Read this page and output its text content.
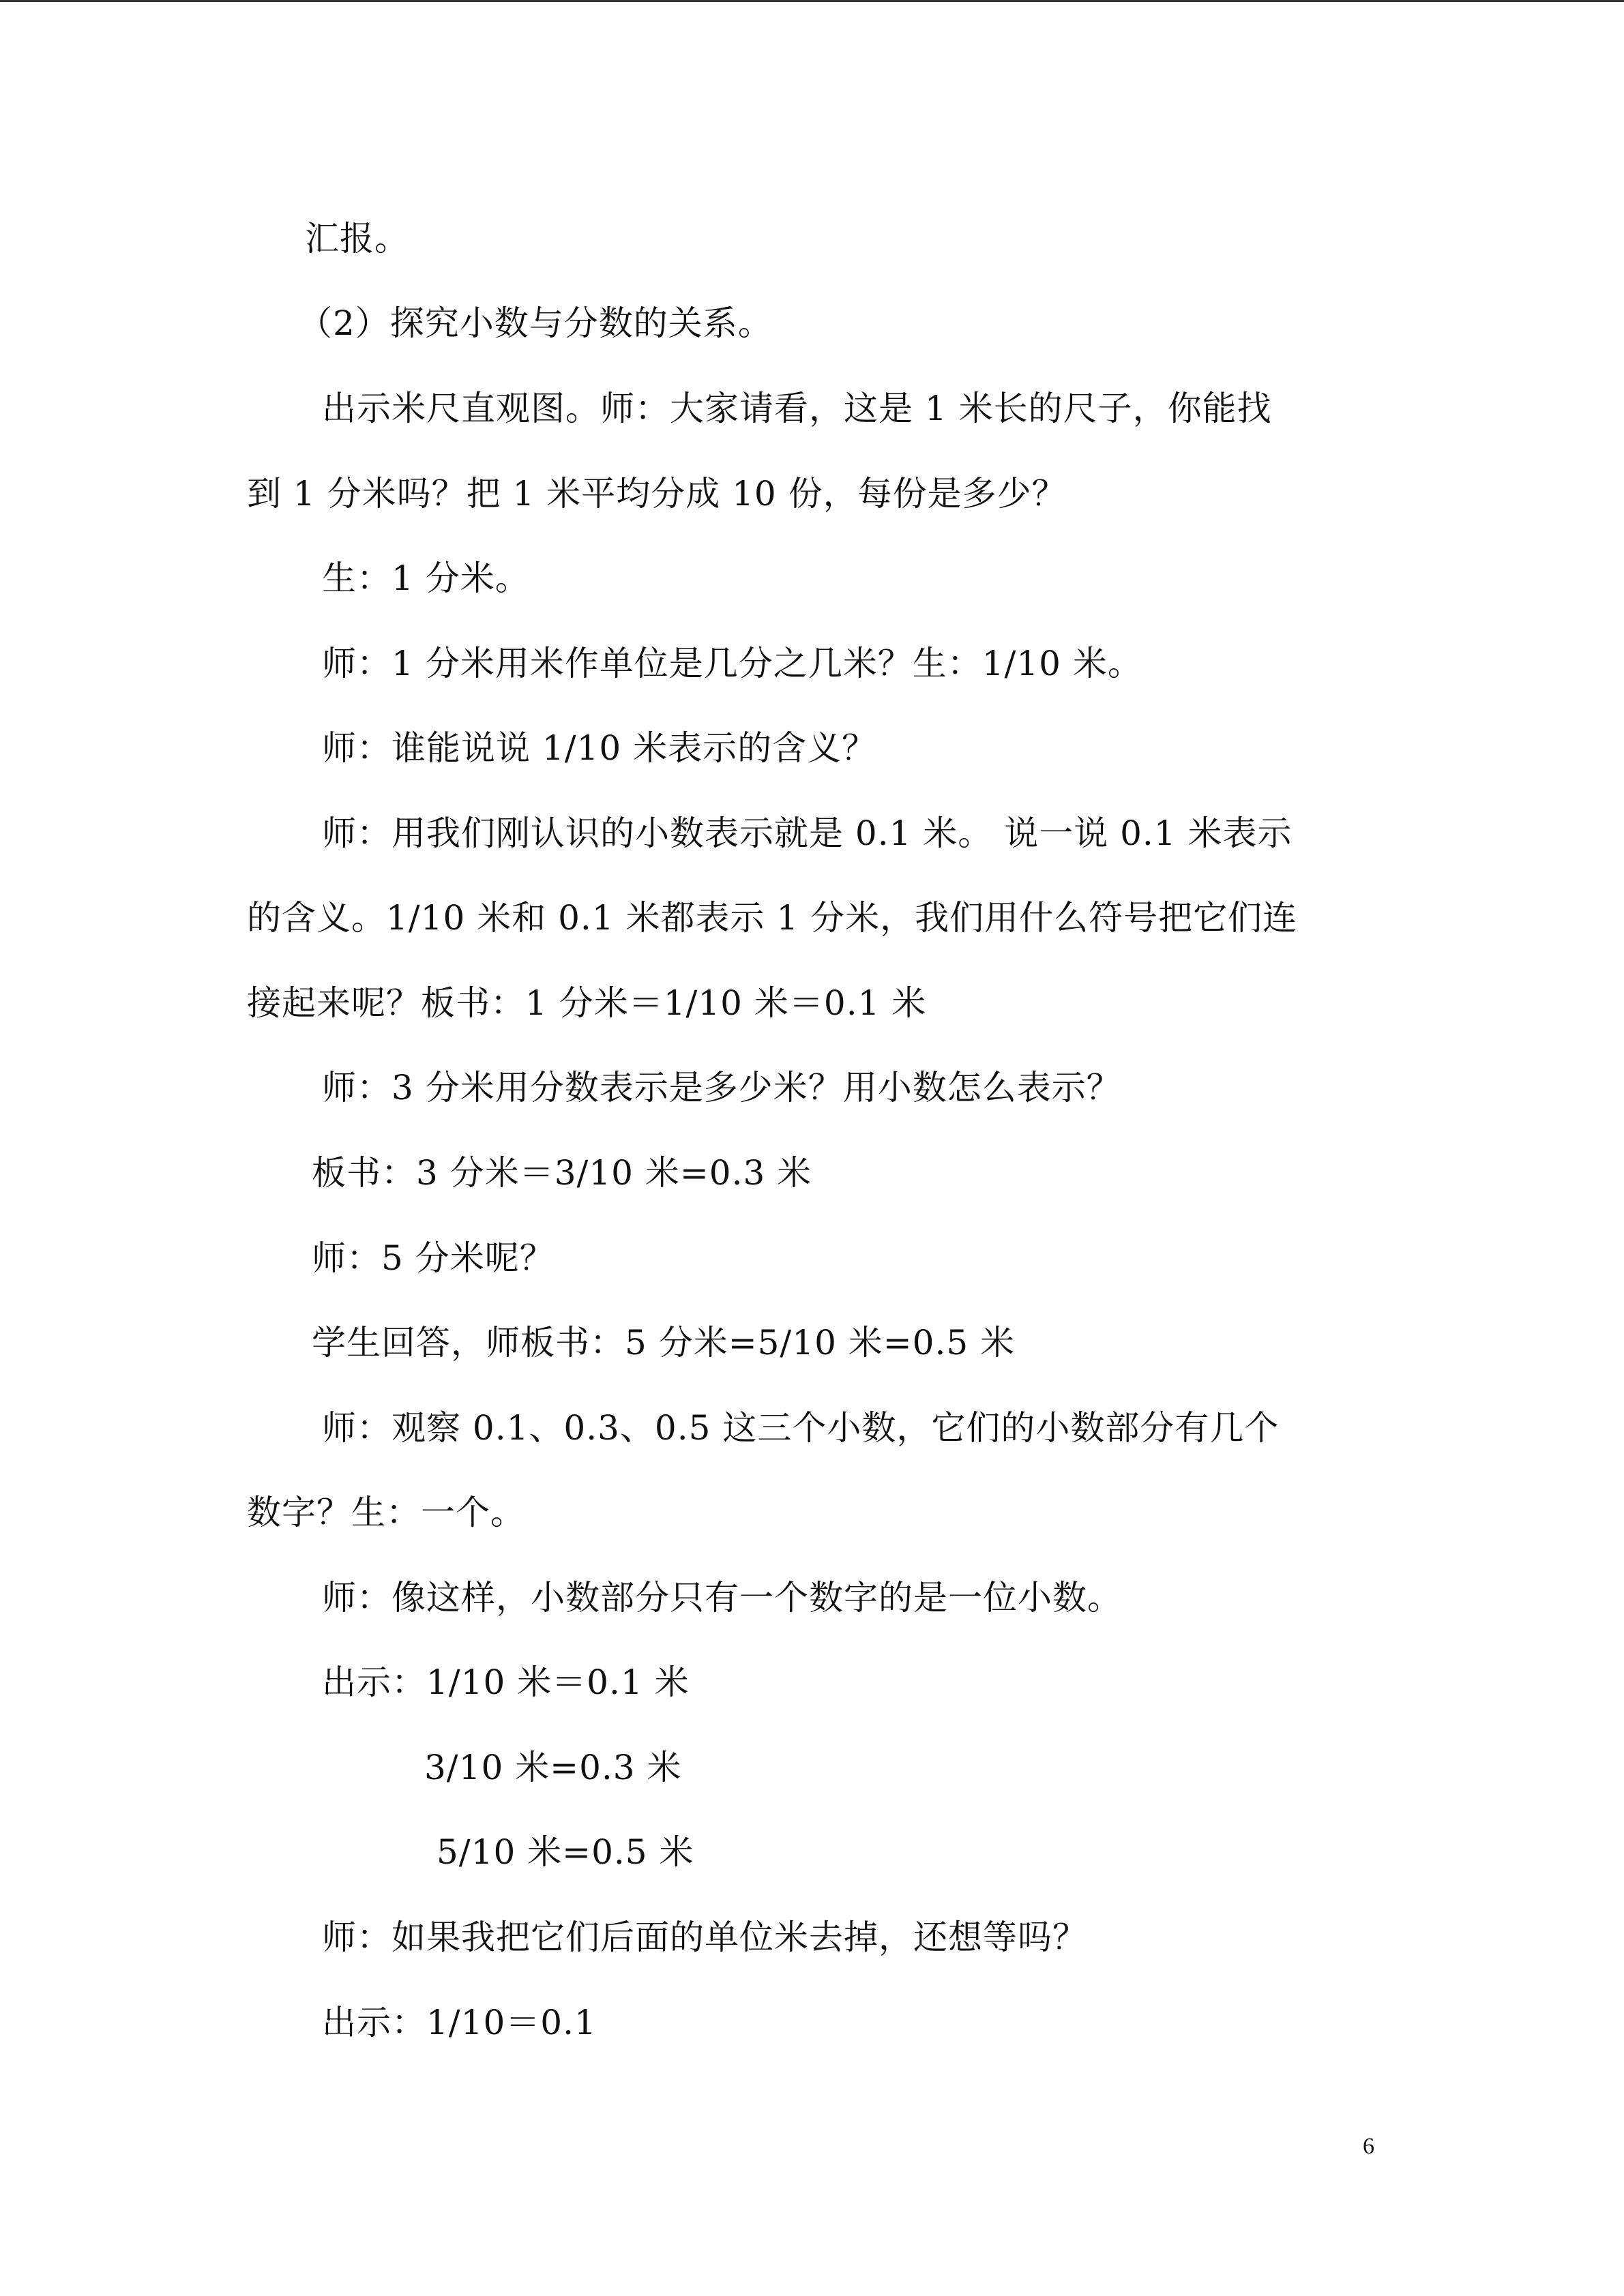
汇报。
（2）探究小数与分数的关系。
出示米尺直观图。师：大家请看，这是 1 米长的尺子，你能找
到 1 分米吗？把 1 米平均分成 10 份，每份是多少？
生：1 分米。
师：1 分米用米作单位是几分之几米？生：1/10 米。
师：谁能说说 1/10 米表示的含义？
师：用我们刚认识的小数表示就是 0.1 米。 说一说 0.1 米表示
的含义。1/10 米和 0.1 米都表示 1 分米，我们用什么符号把它们连
接起来呢？板书：1 分米＝1/10 米＝0.1 米
师：3 分米用分数表示是多少米？用小数怎么表示？
板书：3 分米＝3/10 米=0.3 米
师：5 分米呢？
学生回答，师板书：5 分米=5/10 米=0.5 米
师：观察 0.1、0.3、0.5 这三个小数，它们的小数部分有几个
数字？生：一个。
师：像这样，小数部分只有一个数字的是一位小数。
出示：1/10 米＝0.1 米
3/10 米=0.3 米
5/10 米=0.5 米
师：如果我把它们后面的单位米去掉，还想等吗？
出示：1/10＝0.1
6
